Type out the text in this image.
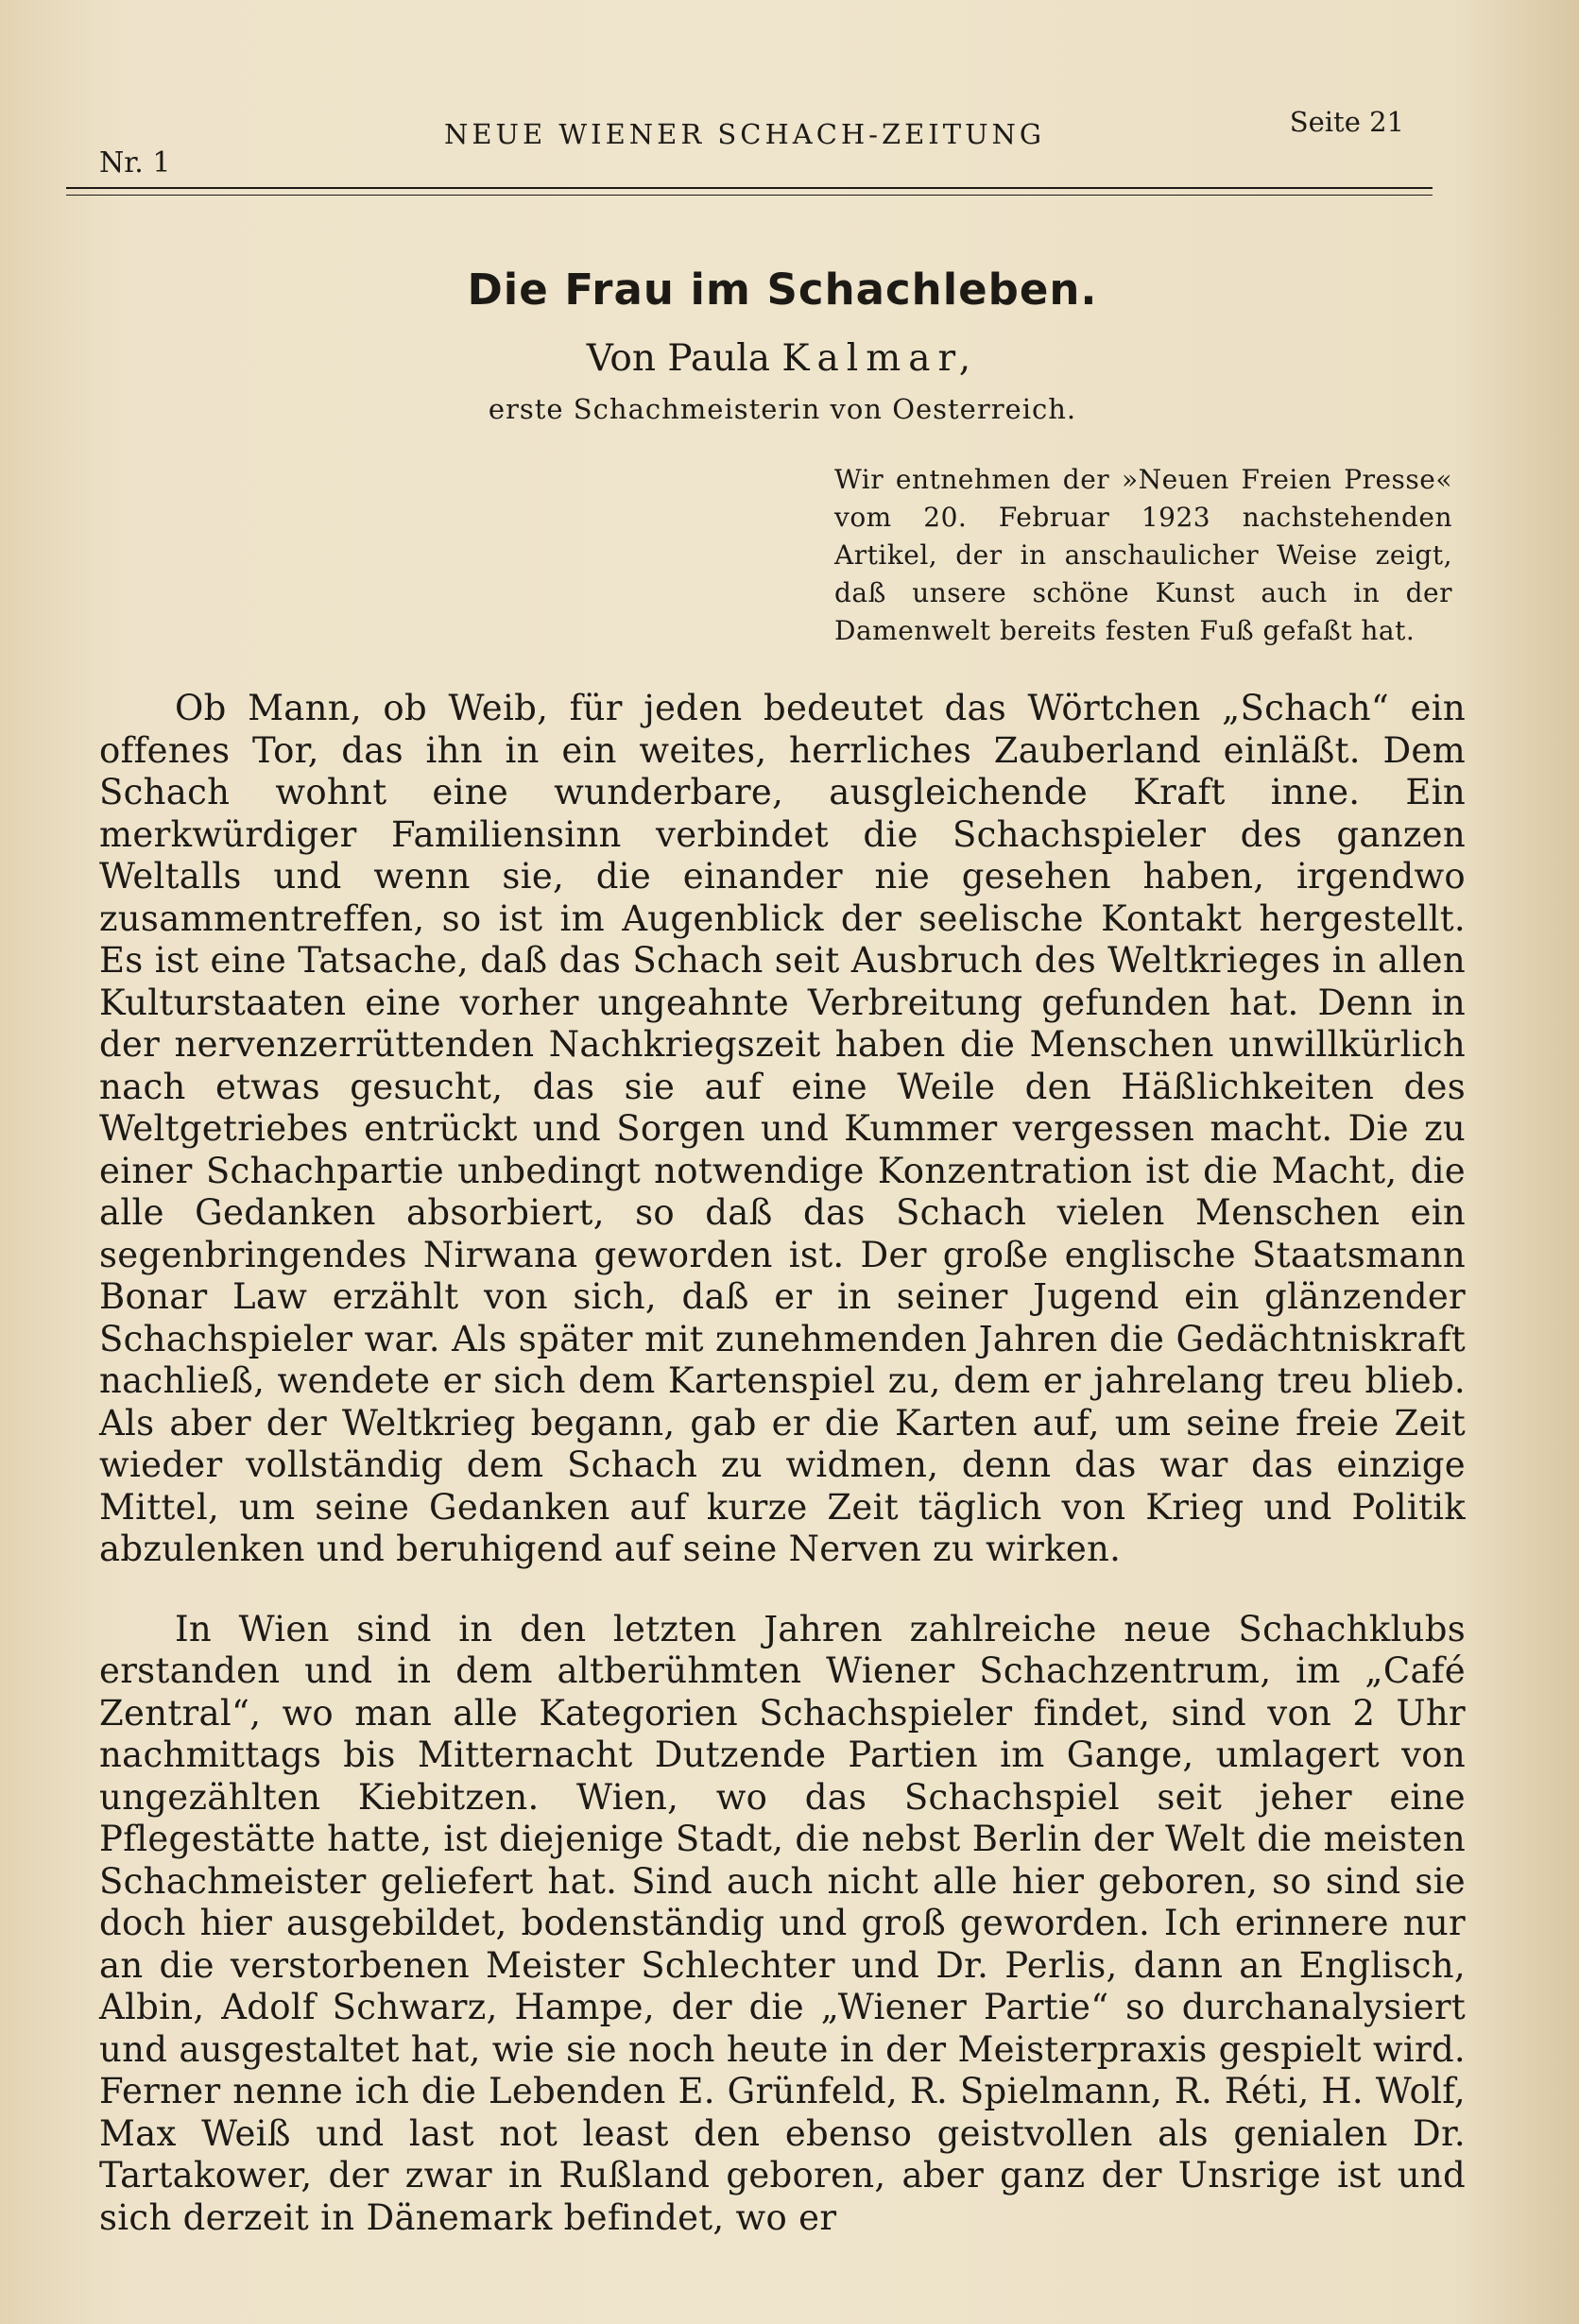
Nr. 1
NEUE WIENER SCHACH-ZEITUNG	Seite 21
Die Frau im Schachleben.
Von Paula Kalmar,
erste Schachmeisterin von Oesterreich.
Wir entnehmen der »Neuen Freien Presse« vom 20. Februar 1923 nachstehenden Artikel, der in anschaulicher Weise zeigt, daß unsere schöne Kunst auch in der Damenwelt bereits festen Fuß gefaßt hat.

Ob Mann, ob Weib, für jeden bedeutet das Wörtchen „Schach“ ein offenes Tor, das ihn in ein weites, herrliches Zauberland einläßt. Dem Schach wohnt eine wunderbare, ausgleichende Kraft inne. Ein merkwürdiger Familiensinn verbindet die Schachspieler des ganzen Weltalls und wenn sie, die einander nie gesehen haben, irgendwo zusammentreffen, so ist im Augenblick der seelische Kontakt hergestellt. Es ist eine Tatsache, daß das Schach seit Ausbruch des Weltkrieges in allen Kulturstaaten eine vorher ungeahnte Verbreitung gefunden hat. Denn in der nervenzerrüttenden Nachkriegszeit haben die Menschen unwillkürlich nach etwas gesucht, das sie auf eine Weile den Häßlichkeiten des Weltgetriebes entrückt und Sorgen und Kummer vergessen macht. Die zu einer Schachpartie unbedingt notwendige Konzentration ist die Macht, die alle Gedanken absorbiert, so daß das Schach vielen Menschen ein segenbringendes Nirwana geworden ist. Der große englische Staatsmann Bonar Law erzählt von sich, daß er in seiner Jugend ein glänzender Schachspieler war. Als später mit zunehmenden Jahren die Gedächtniskraft nachließ, wendete er sich dem Kartenspiel zu, dem er jahrelang treu blieb. Als aber der Weltkrieg begann, gab er die Karten auf, um seine freie Zeit wieder vollständig dem Schach zu widmen, denn das war das einzige Mittel, um seine Gedanken auf kurze Zeit täglich von Krieg und Politik abzulenken und beruhigend auf seine Nerven zu wirken.

In Wien sind in den letzten Jahren zahlreiche neue Schachklubs erstanden und in dem altberühmten Wiener Schachzentrum, im „Café Zentral“, wo man alle Kategorien Schachspieler findet, sind von 2 Uhr nachmittags bis Mitternacht Dutzende Partien im Gange, umlagert von ungezählten Kiebitzen. Wien, wo das Schachspiel seit jeher eine Pflegestätte hatte, ist diejenige Stadt, die nebst Berlin der Welt die meisten Schachmeister geliefert hat. Sind auch nicht alle hier geboren, so sind sie doch hier ausgebildet, bodenständig und groß geworden. Ich erinnere nur an die verstorbenen Meister Schlechter und Dr. Perlis, dann an Englisch, Albin, Adolf Schwarz, Hampe, der die „Wiener Partie“ so durchanalysiert und ausgestaltet hat, wie sie noch heute in der Meisterpraxis gespielt wird. Ferner nenne ich die Lebenden E. Grünfeld, R. Spielmann, R. Réti, H. Wolf, Max Weiß und last not least den ebenso geistvollen als genialen Dr. Tartakower, der zwar in Rußland geboren, aber ganz der Unsrige ist und sich derzeit in Dänemark befindet, wo er
